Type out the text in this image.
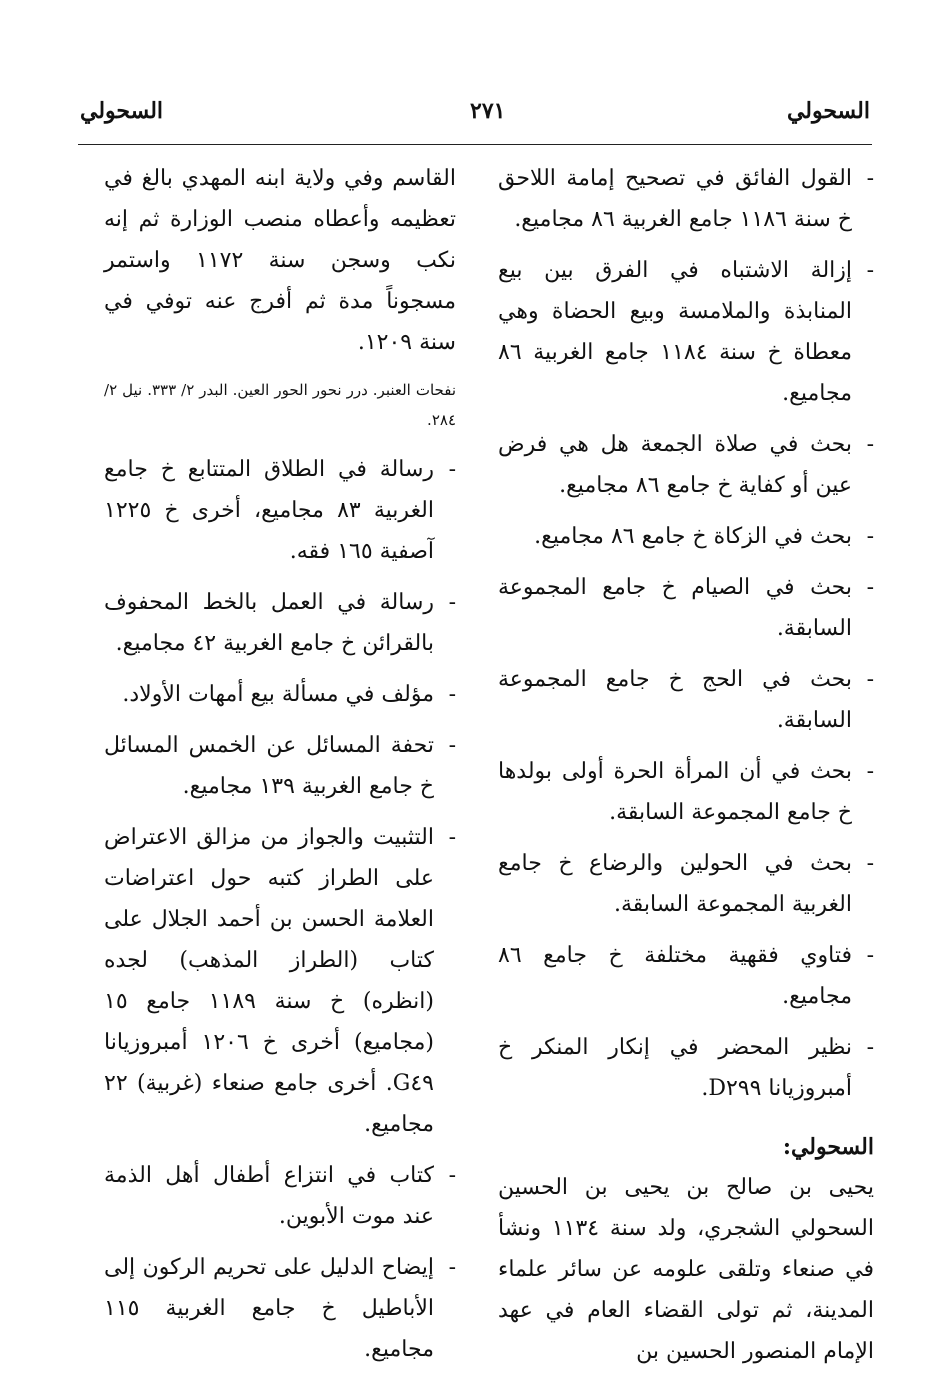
السحولي
٢٧١
السحولي
-
القول الفائق في تصحيح إمامة اللاحق خ سنة ١١٨٦ جامع الغربية ٨٦ مجاميع.
-
إزالة الاشتباه في الفرق بين بيع المنابذة والملامسة وبيع الحضاة وهي معطاة خ سنة ١١٨٤ جامع الغربية ٨٦ مجاميع.
-
بحث في صلاة الجمعة هل هي فرض عين أو كفاية خ جامع ٨٦ مجاميع.
-
بحث في الزكاة خ جامع ٨٦ مجاميع.
-
بحث في الصيام خ جامع المجموعة السابقة.
-
بحث في الحج خ جامع المجموعة السابقة.
-
بحث في أن المرأة الحرة أولى بولدها خ جامع المجموعة السابقة.
-
بحث في الحولين والرضاع خ جامع الغربية المجموعة السابقة.
-
فتاوي فقهية مختلفة خ جامع ٨٦ مجاميع.
-
نظير المحضر في إنكار المنكر خ أمبروزيانا D٢٩٩.
السحولي:
يحيى بن صالح بن يحيى بن الحسين السحولي الشجري، ولد سنة ١١٣٤ ونشأ في صنعاء وتلقى علومه عن سائر علماء المدينة، ثم تولى القضاء العام في عهد الإمام المنصور الحسين بن
القاسم وفي ولاية ابنه المهدي بالغ في تعظيمه وأعطاه منصب الوزارة ثم إنه نكب وسجن سنة ١١٧٢ واستمر مسجوناً مدة ثم أفرج عنه توفي في سنة ١٢٠٩.
نفحات العنبر. درر نحور الحور العين. البدر ٢/ ٣٣٣. نيل ٢/ ٢٨٤.
-
رسالة في الطلاق المتتابع خ جامع الغربية ٨٣ مجاميع، أخرى خ ١٢٢٥ آصفية ١٦٥ فقه.
-
رسالة في العمل بالخط المحفوف بالقرائن خ جامع الغربية ٤٢ مجاميع.
-
مؤلف في مسألة بيع أمهات الأولاد.
-
تحفة المسائل عن الخمس المسائل خ جامع الغربية ١٣٩ مجاميع.
-
التثبيت والجواز من مزالق الاعتراض على الطراز كتبه حول اعتراضات العلامة الحسن بن أحمد الجلال على كتاب (الطراز المذهب) لجده (انظره) خ سنة ١١٨٩ جامع ١٥ (مجاميع) أخرى خ ١٢٠٦ أمبروزيانا G٤٩. أخرى جامع صنعاء (غربية) ٢٢ مجاميع.
-
كتاب في انتزاع أطفال أهل الذمة عند موت الأبوين.
-
إيضاح الدليل على تحريم الركون إلى الأباطيل خ جامع الغربية ١١٥ مجاميع.
